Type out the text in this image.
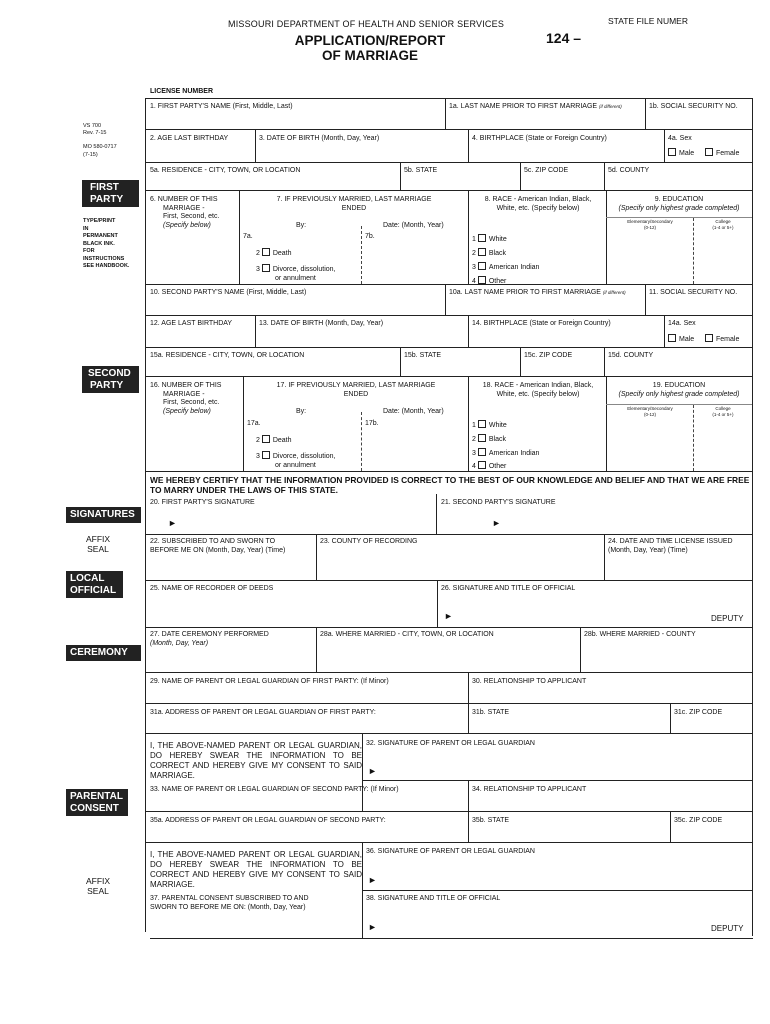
MISSOURI DEPARTMENT OF HEALTH AND SENIOR SERVICES	STATE FILE NUMER
124 –
APPLICATION/REPORT
OF MARRIAGE
LICENSE NUMBER
VS 700
Rev. 7-15
MO 580-0717
(7-15)
FIRST
PARTY
TYPE/PRINT
IN
PERMANENT
BLACK INK.
FOR
INSTRUCTIONS
SEE HANDBOOK.
SECOND
PARTY
SIGNATURES
AFFIX
SEAL
LOCAL
OFFICIAL
CEREMONY
PARENTAL
CONSENT
AFFIX
SEAL
1. FIRST PARTY'S NAME (First, Middle, Last)	1a. LAST NAME PRIOR TO FIRST MARRIAGE (if different)	1b. SOCIAL SECURITY NO.
2. AGE LAST BIRTHDAY	3. DATE OF BIRTH (Month, Day, Year)	4. BIRTHPLACE (State or Foreign Country)	4a. Sex
Male	Female
5a. RESIDENCE - CITY, TOWN, OR LOCATION	5b. STATE	5c. ZIP CODE	5d. COUNTY
6. NUMBER OF THIS
MARRIAGE -
First, Second, etc.
(Specify below)
7. IF PREVIOUSLY MARRIED, LAST MARRIAGE
ENDED
By:	Date: (Month, Year)
7a.	7b.
2 Death
3 Divorce, dissolution,
or annulment
8. RACE - American Indian, Black,
White, etc. (Specify below)
1 White
2 Black
3 American Indian
4 Other
9. EDUCATION
(Specify only highest grade completed)
Elementary/Secondary
(0-12)
College
(1-4 or 5+)
10. SECOND PARTY'S NAME (First, Middle, Last)	10a. LAST NAME PRIOR TO FIRST MARRIAGE (if different)	11. SOCIAL SECURITY NO.
12. AGE LAST BIRTHDAY	13. DATE OF BIRTH (Month, Day, Year)	14. BIRTHPLACE (State or Foreign Country)	14a. Sex
Male	Female
15a. RESIDENCE - CITY, TOWN, OR LOCATION	15b. STATE	15c. ZIP CODE	15d. COUNTY
16. NUMBER OF THIS
MARRIAGE -
First, Second, etc.
(Specify below)
17. IF PREVIOUSLY MARRIED, LAST MARRIAGE
ENDED
By:	Date: (Month, Year)
17a.	17b.
2 Death
3 Divorce, dissolution,
or annulment
18. RACE - American Indian, Black,
White, etc. (Specify below)
1 White
2 Black
3 American Indian
4 Other
19. EDUCATION
(Specify only highest grade completed)
Elementary/Secondary
(0-12)
College
(1-4 or 5+)
WE HEREBY CERTIFY THAT THE INFORMATION PROVIDED IS CORRECT TO THE BEST OF OUR KNOWLEDGE AND BELIEF AND THAT WE ARE FREE TO MARRY UNDER THE LAWS OF THIS STATE.
20. FIRST PARTY'S SIGNATURE
►
21. SECOND PARTY'S SIGNATURE
►
22. SUBSCRIBED TO AND SWORN TO
BEFORE ME ON (Month, Day, Year) (Time)
23. COUNTY OF RECORDING	24. DATE AND TIME LICENSE ISSUED
(Month, Day, Year) (Time)
25. NAME OF RECORDER OF DEEDS	26. SIGNATURE AND TITLE OF OFFICIAL
►	DEPUTY
27. DATE CEREMONY PERFORMED
(Month, Day, Year)
28a. WHERE MARRIED - CITY, TOWN, OR LOCATION	28b. WHERE MARRIED - COUNTY
29. NAME OF PARENT OR LEGAL GUARDIAN OF FIRST PARTY: (If Minor)	30. RELATIONSHIP TO APPLICANT
31a. ADDRESS OF PARENT OR LEGAL GUARDIAN OF FIRST PARTY:	31b. STATE	31c. ZIP CODE
I, THE ABOVE-NAMED PARENT OR LEGAL GUARDIAN, DO HEREBY SWEAR THE INFORMATION TO BE CORRECT AND HEREBY GIVE MY CONSENT TO SAID MARRIAGE.
32. SIGNATURE OF PARENT OR LEGAL GUARDIAN
►
33. NAME OF PARENT OR LEGAL GUARDIAN OF SECOND PARTY: (If Minor)	34. RELATIONSHIP TO APPLICANT
35a. ADDRESS OF PARENT OR LEGAL GUARDIAN OF SECOND PARTY:	35b. STATE	35c. ZIP CODE
I, THE ABOVE-NAMED PARENT OR LEGAL GUARDIAN, DO HEREBY SWEAR THE INFORMATION TO BE CORRECT AND HEREBY GIVE MY CONSENT TO SAID MARRIAGE.
36. SIGNATURE OF PARENT OR LEGAL GUARDIAN
►
37. PARENTAL CONSENT SUBSCRIBED TO AND
SWORN TO BEFORE ME ON: (Month, Day, Year)
38. SIGNATURE AND TITLE OF OFFICIAL
►	DEPUTY
